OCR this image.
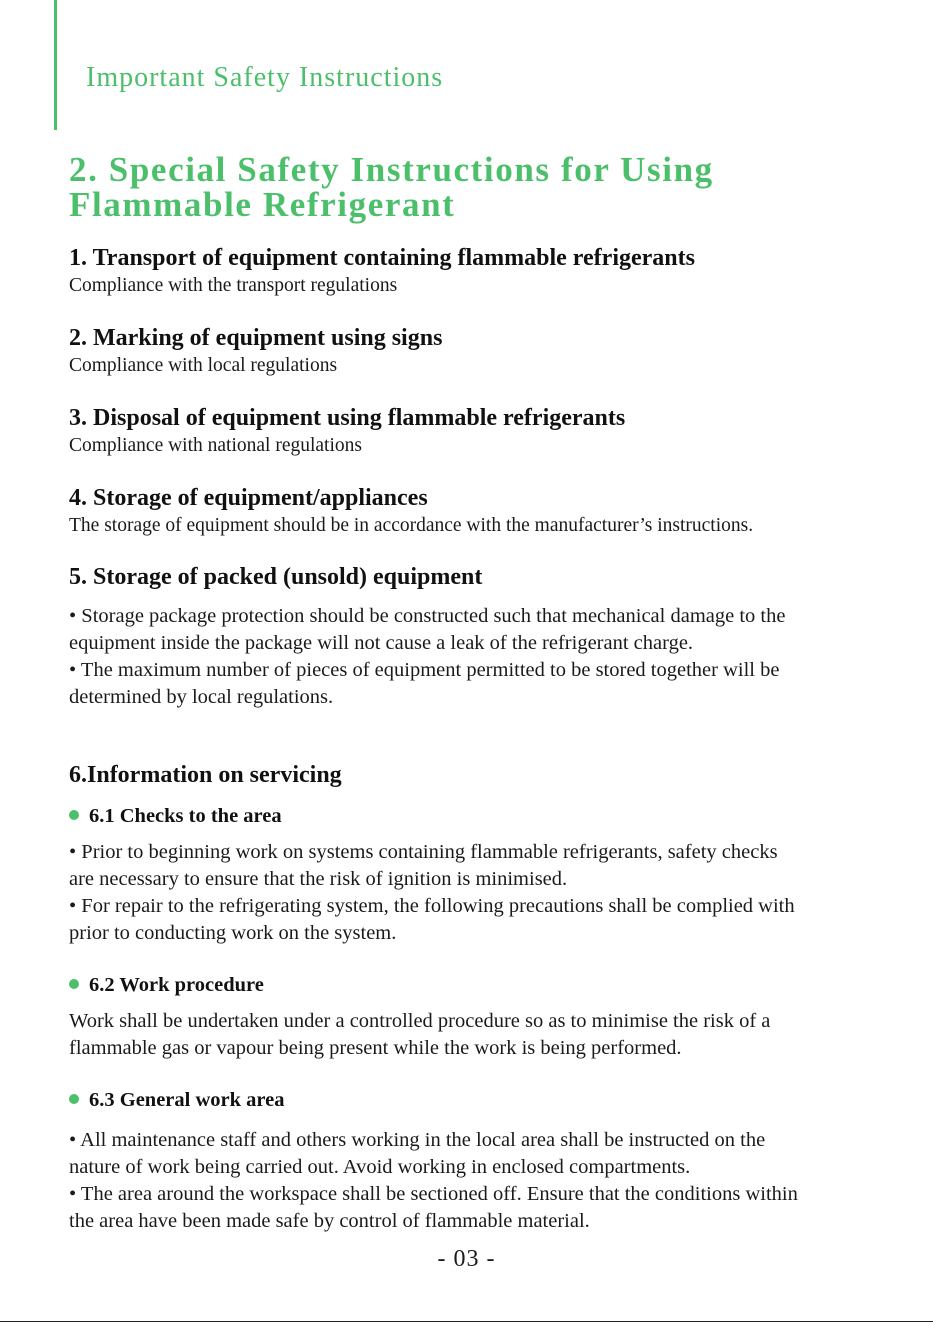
Important Safety Instructions
2. Special Safety Instructions for Using
Flammable Refrigerant
1. Transport of equipment containing flammable refrigerants

Compliance with the transport regulations

2. Marking of equipment using signs

Compliance with local regulations

3. Disposal of equipment using flammable refrigerants

Compliance with national regulations

4. Storage of equipment/appliances

The storage of equipment should be in accordance with the manufacturer’s instructions.

5. Storage of packed (unsold) equipment
• Storage package protection should be constructed such that mechanical damage to the
equipment inside the package will not cause a leak of the refrigerant charge.
• The maximum number of pieces of equipment permitted to be stored together will be
determined by local regulations.
6.Information on servicing
6.1 Checks to the area
• Prior to beginning work on systems containing flammable refrigerants, safety checks
are necessary to ensure that the risk of ignition is minimised.
• For repair to the refrigerating system, the following precautions shall be complied with
prior to conducting work on the system.
6.2 Work procedure
Work shall be undertaken under a controlled procedure so as to minimise the risk of a
flammable gas or vapour being present while the work is being performed.
6.3 General work area
• All maintenance staff and others working in the local area shall be instructed on the
nature of work being carried out. Avoid working in enclosed compartments.
• The area around the workspace shall be sectioned off. Ensure that the conditions within
the area have been made safe by control of flammable material.
- 03 -
